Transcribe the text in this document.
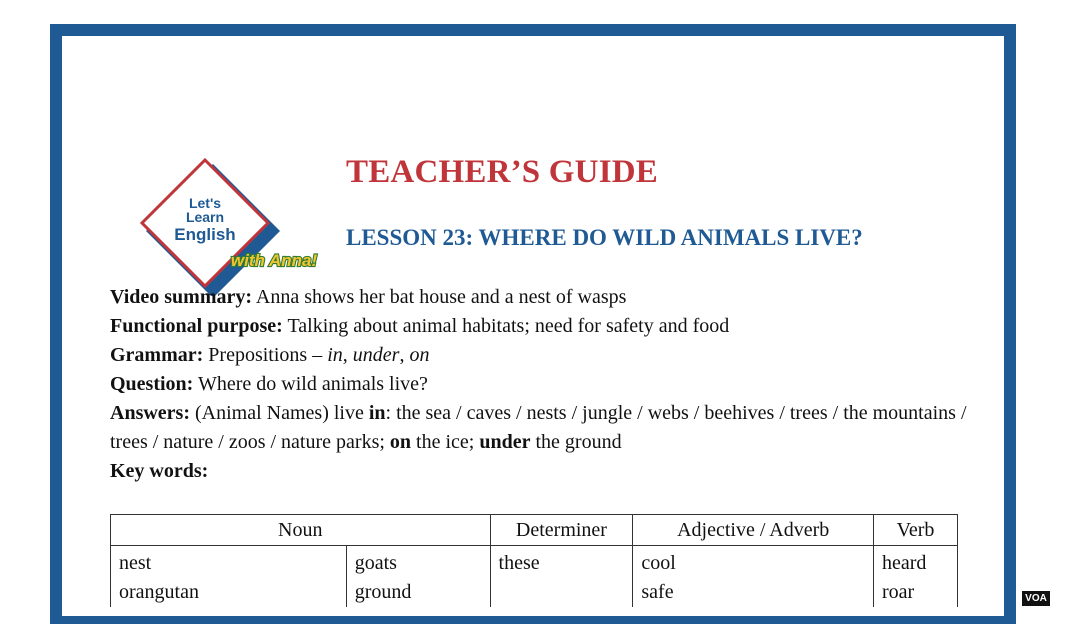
Let's
Learn
English
with Anna!
TEACHER’S GUIDE
LESSON 23: WHERE DO WILD ANIMALS LIVE?

Video summary: Anna shows her bat house and a nest of wasps

Functional purpose: Talking about animal habitats; need for safety and food

Grammar: Prepositions – in, under, on

Question: Where do wild animals live?

Answers: (Animal Names) live in: the sea / caves / nests / jungle / webs / beehives / trees / the mountains / trees / nature / zoos / nature parks; on the ice; under the ground

Key words:

Noun		Determiner	Adjective / Adverb	Verb
nest	goats	these	cool	heard
orangutan	ground		safe	roar	VOA
